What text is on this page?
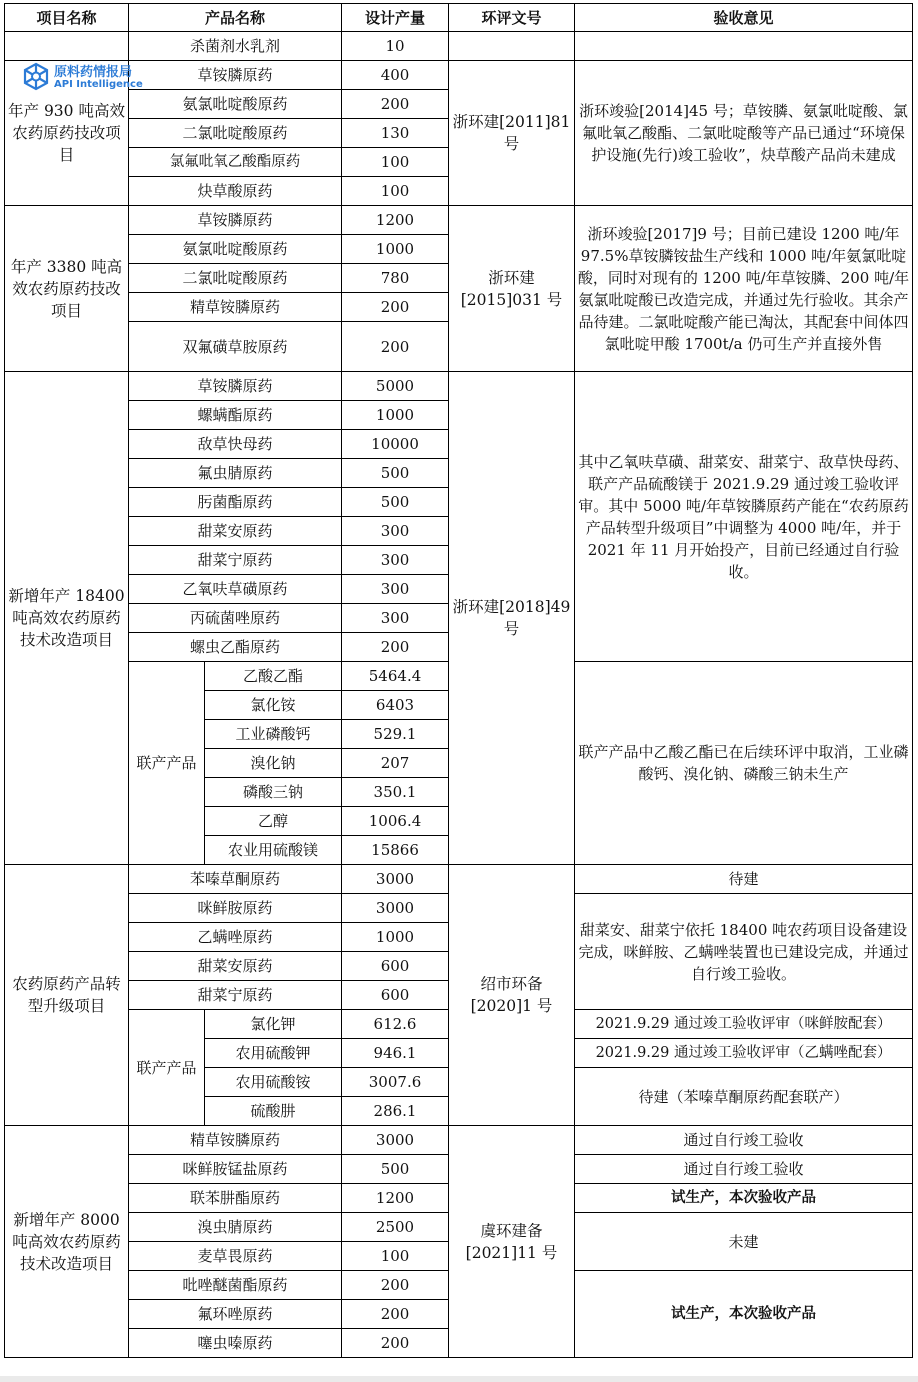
项目名称	产品名称		设计产量	环评文号	验收意见
	杀菌剂水乳剂		10		
年产 930 吨高效农药原药技改项目	草铵膦原药		400	浙环建[2011]81 号	浙环竣验[2014]45 号；草铵膦、氨氯吡啶酸、氯氟吡氧乙酸酯、二氯吡啶酸等产品已通过“环境保护设施(先行)竣工验收”，炔草酸产品尚未建成
	氨氯吡啶酸原药		200		
	二氯吡啶酸原药		130		
	氯氟吡氧乙酸酯原药		100		
	炔草酸原药		100		
年产 3380 吨高效农药原药技改项目	草铵膦原药		1200	浙环建[2015]031 号	浙环竣验[2017]9 号；目前已建设 1200 吨/年 97.5%草铵膦铵盐生产线和 1000 吨/年氨氯吡啶酸，同时对现有的 1200 吨/年草铵膦、200 吨/年氨氯吡啶酸已改造完成，并通过先行验收。其余产品待建。二氯吡啶酸产能已淘汰，其配套中间体四氯吡啶甲酸 1700t/a 仍可生产并直接外售
	氨氯吡啶酸原药		1000		
	二氯吡啶酸原药		780		
	精草铵膦原药		200		
	双氟磺草胺原药		200		
新增年产 18400 吨高效农药原药技术改造项目	草铵膦原药		5000	浙环建[2018]49 号	其中乙氧呋草磺、甜菜安、甜菜宁、敌草快母药、联产产品硫酸镁于 2021.9.29 通过竣工验收评审。其中 5000 吨/年草铵膦原药产能在“农药原药产品转型升级项目”中调整为 4000 吨/年，并于 2021 年 11 月开始投产，目前已经通过自行验收。
	螺螨酯原药		1000		
	敌草快母药		10000		
	氟虫腈原药		500		
	肟菌酯原药		500		
	甜菜安原药		300		
	甜菜宁原药		300		
	乙氧呋草磺原药		300		
	丙硫菌唑原药		300		
	螺虫乙酯原药		200		
	联产产品	乙酸乙酯	5464.4		联产产品中乙酸乙酯已在后续环评中取消，工业磷酸钙、溴化钠、磷酸三钠未生产
		氯化铵	6403		
		工业磷酸钙	529.1		
		溴化钠	207		
		磷酸三钠	350.1		
		乙醇	1006.4		
		农业用硫酸镁	15866		
农药原药产品转型升级项目	苯嗪草酮原药		3000	绍市环备[2020]1 号	待建
	咪鲜胺原药		3000		甜菜安、甜菜宁依托 18400 吨农药项目设备建设完成，咪鲜胺、乙螨唑装置也已建设完成，并通过自行竣工验收。
	乙螨唑原药		1000		
	甜菜安原药		600		
	甜菜宁原药		600		
	联产产品	氯化钾	612.6		2021.9.29 通过竣工验收评审（咪鲜胺配套）
		农用硫酸钾	946.1		2021.9.29 通过竣工验收评审（乙螨唑配套）
		农用硫酸铵	3007.6		待建（苯嗪草酮原药配套联产）
		硫酸肼	286.1		
新增年产 8000 吨高效农药原药技术改造项目	精草铵膦原药		3000	虞环建备[2021]11 号	通过自行竣工验收
	咪鲜胺锰盐原药		500		通过自行竣工验收
	联苯肼酯原药		1200		试生产，本次验收产品
	溴虫腈原药		2500		未建
	麦草畏原药		100		
	吡唑醚菌酯原药		200		试生产，本次验收产品
	氟环唑原药		200		
	噻虫嗪原药		200		
原料药情报局
API Intelligence
